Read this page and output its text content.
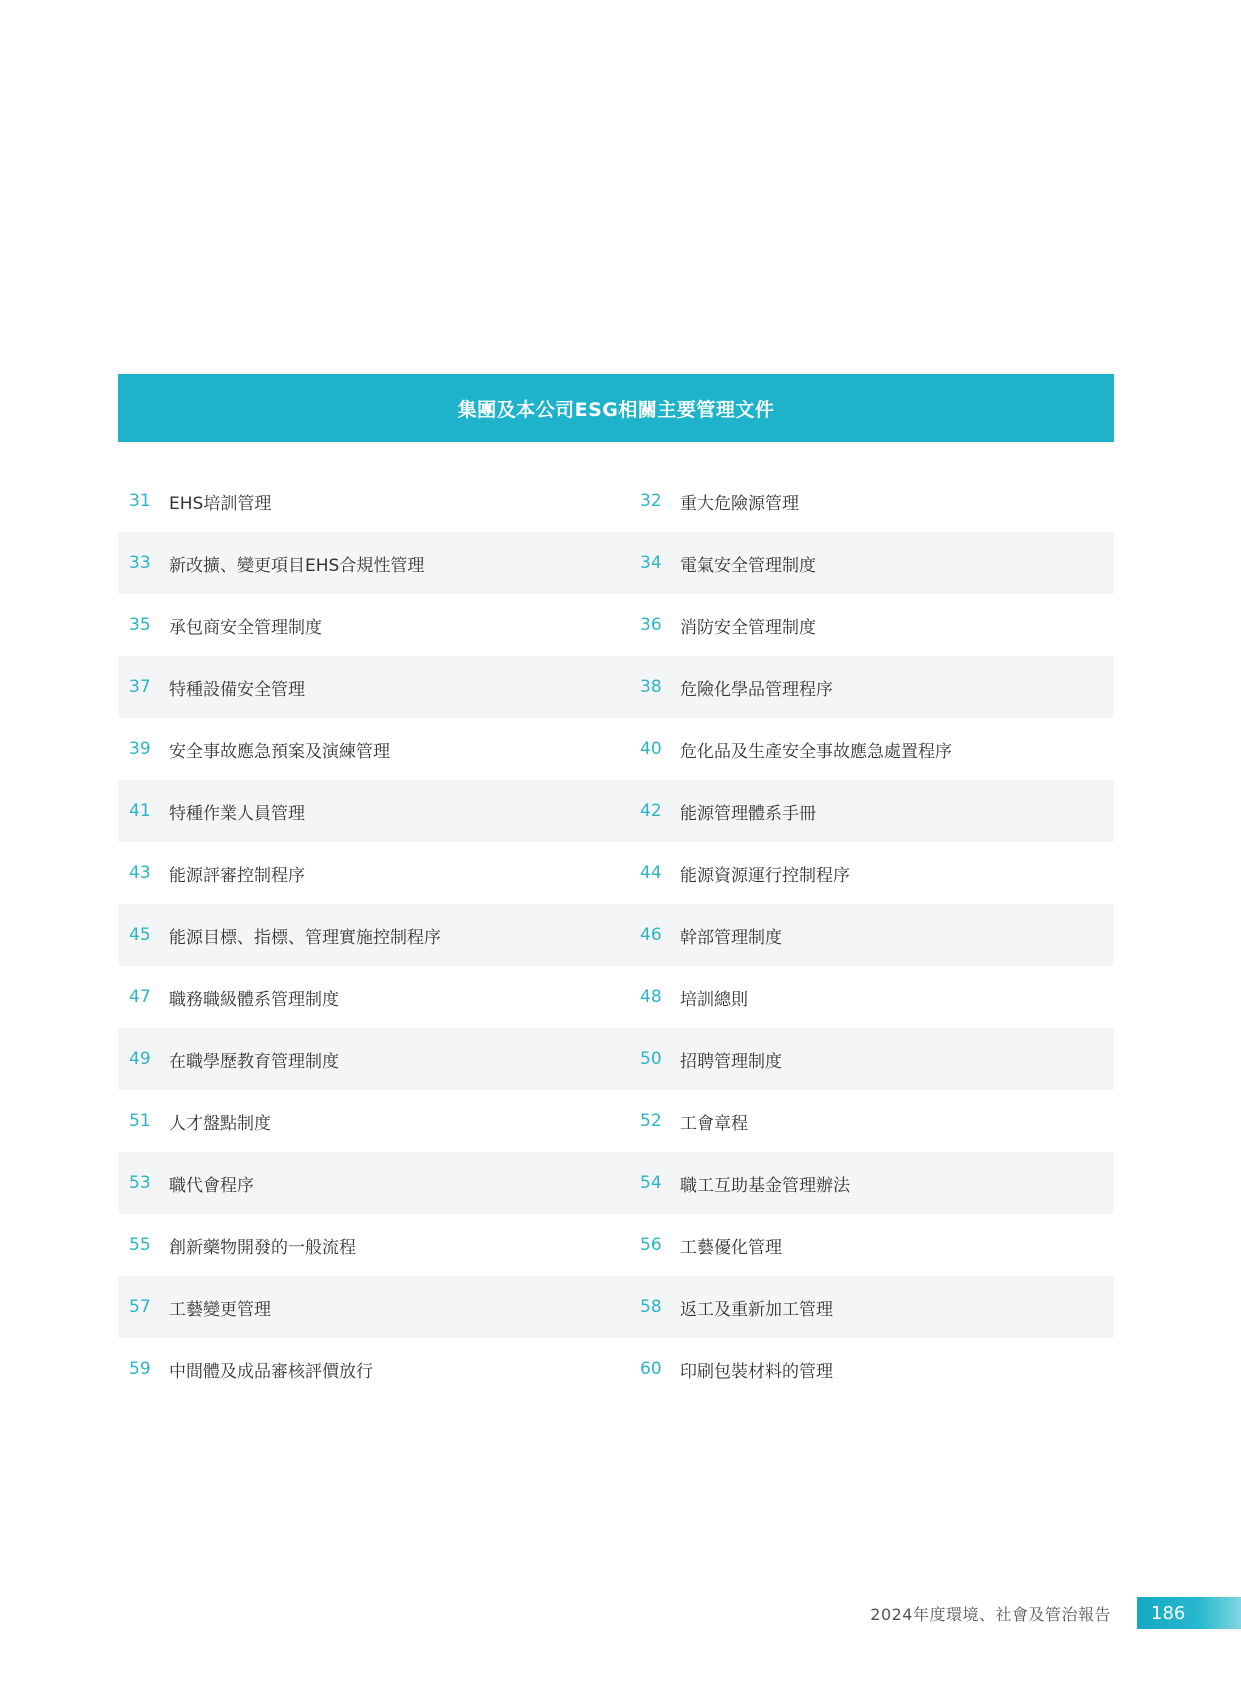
集團及本公司ESG相關主要管理文件
31	EHS培訓管理	32	重大危險源管理
33	新改擴、變更項目EHS合規性管理	34	電氣安全管理制度
35	承包商安全管理制度	36	消防安全管理制度
37	特種設備安全管理	38	危險化學品管理程序
39	安全事故應急預案及演練管理	40	危化品及生產安全事故應急處置程序
41	特種作業人員管理	42	能源管理體系手冊
43	能源評審控制程序	44	能源資源運行控制程序
45	能源目標、指標、管理實施控制程序	46	幹部管理制度
47	職務職級體系管理制度	48	培訓總則
49	在職學歷教育管理制度	50	招聘管理制度
51	人才盤點制度	52	工會章程
53	職代會程序	54	職工互助基金管理辦法
55	創新藥物開發的一般流程	56	工藝優化管理
57	工藝變更管理	58	返工及重新加工管理
59	中間體及成品審核評價放行	60	印刷包裝材料的管理
2024年度環境、社會及管治報告 186
